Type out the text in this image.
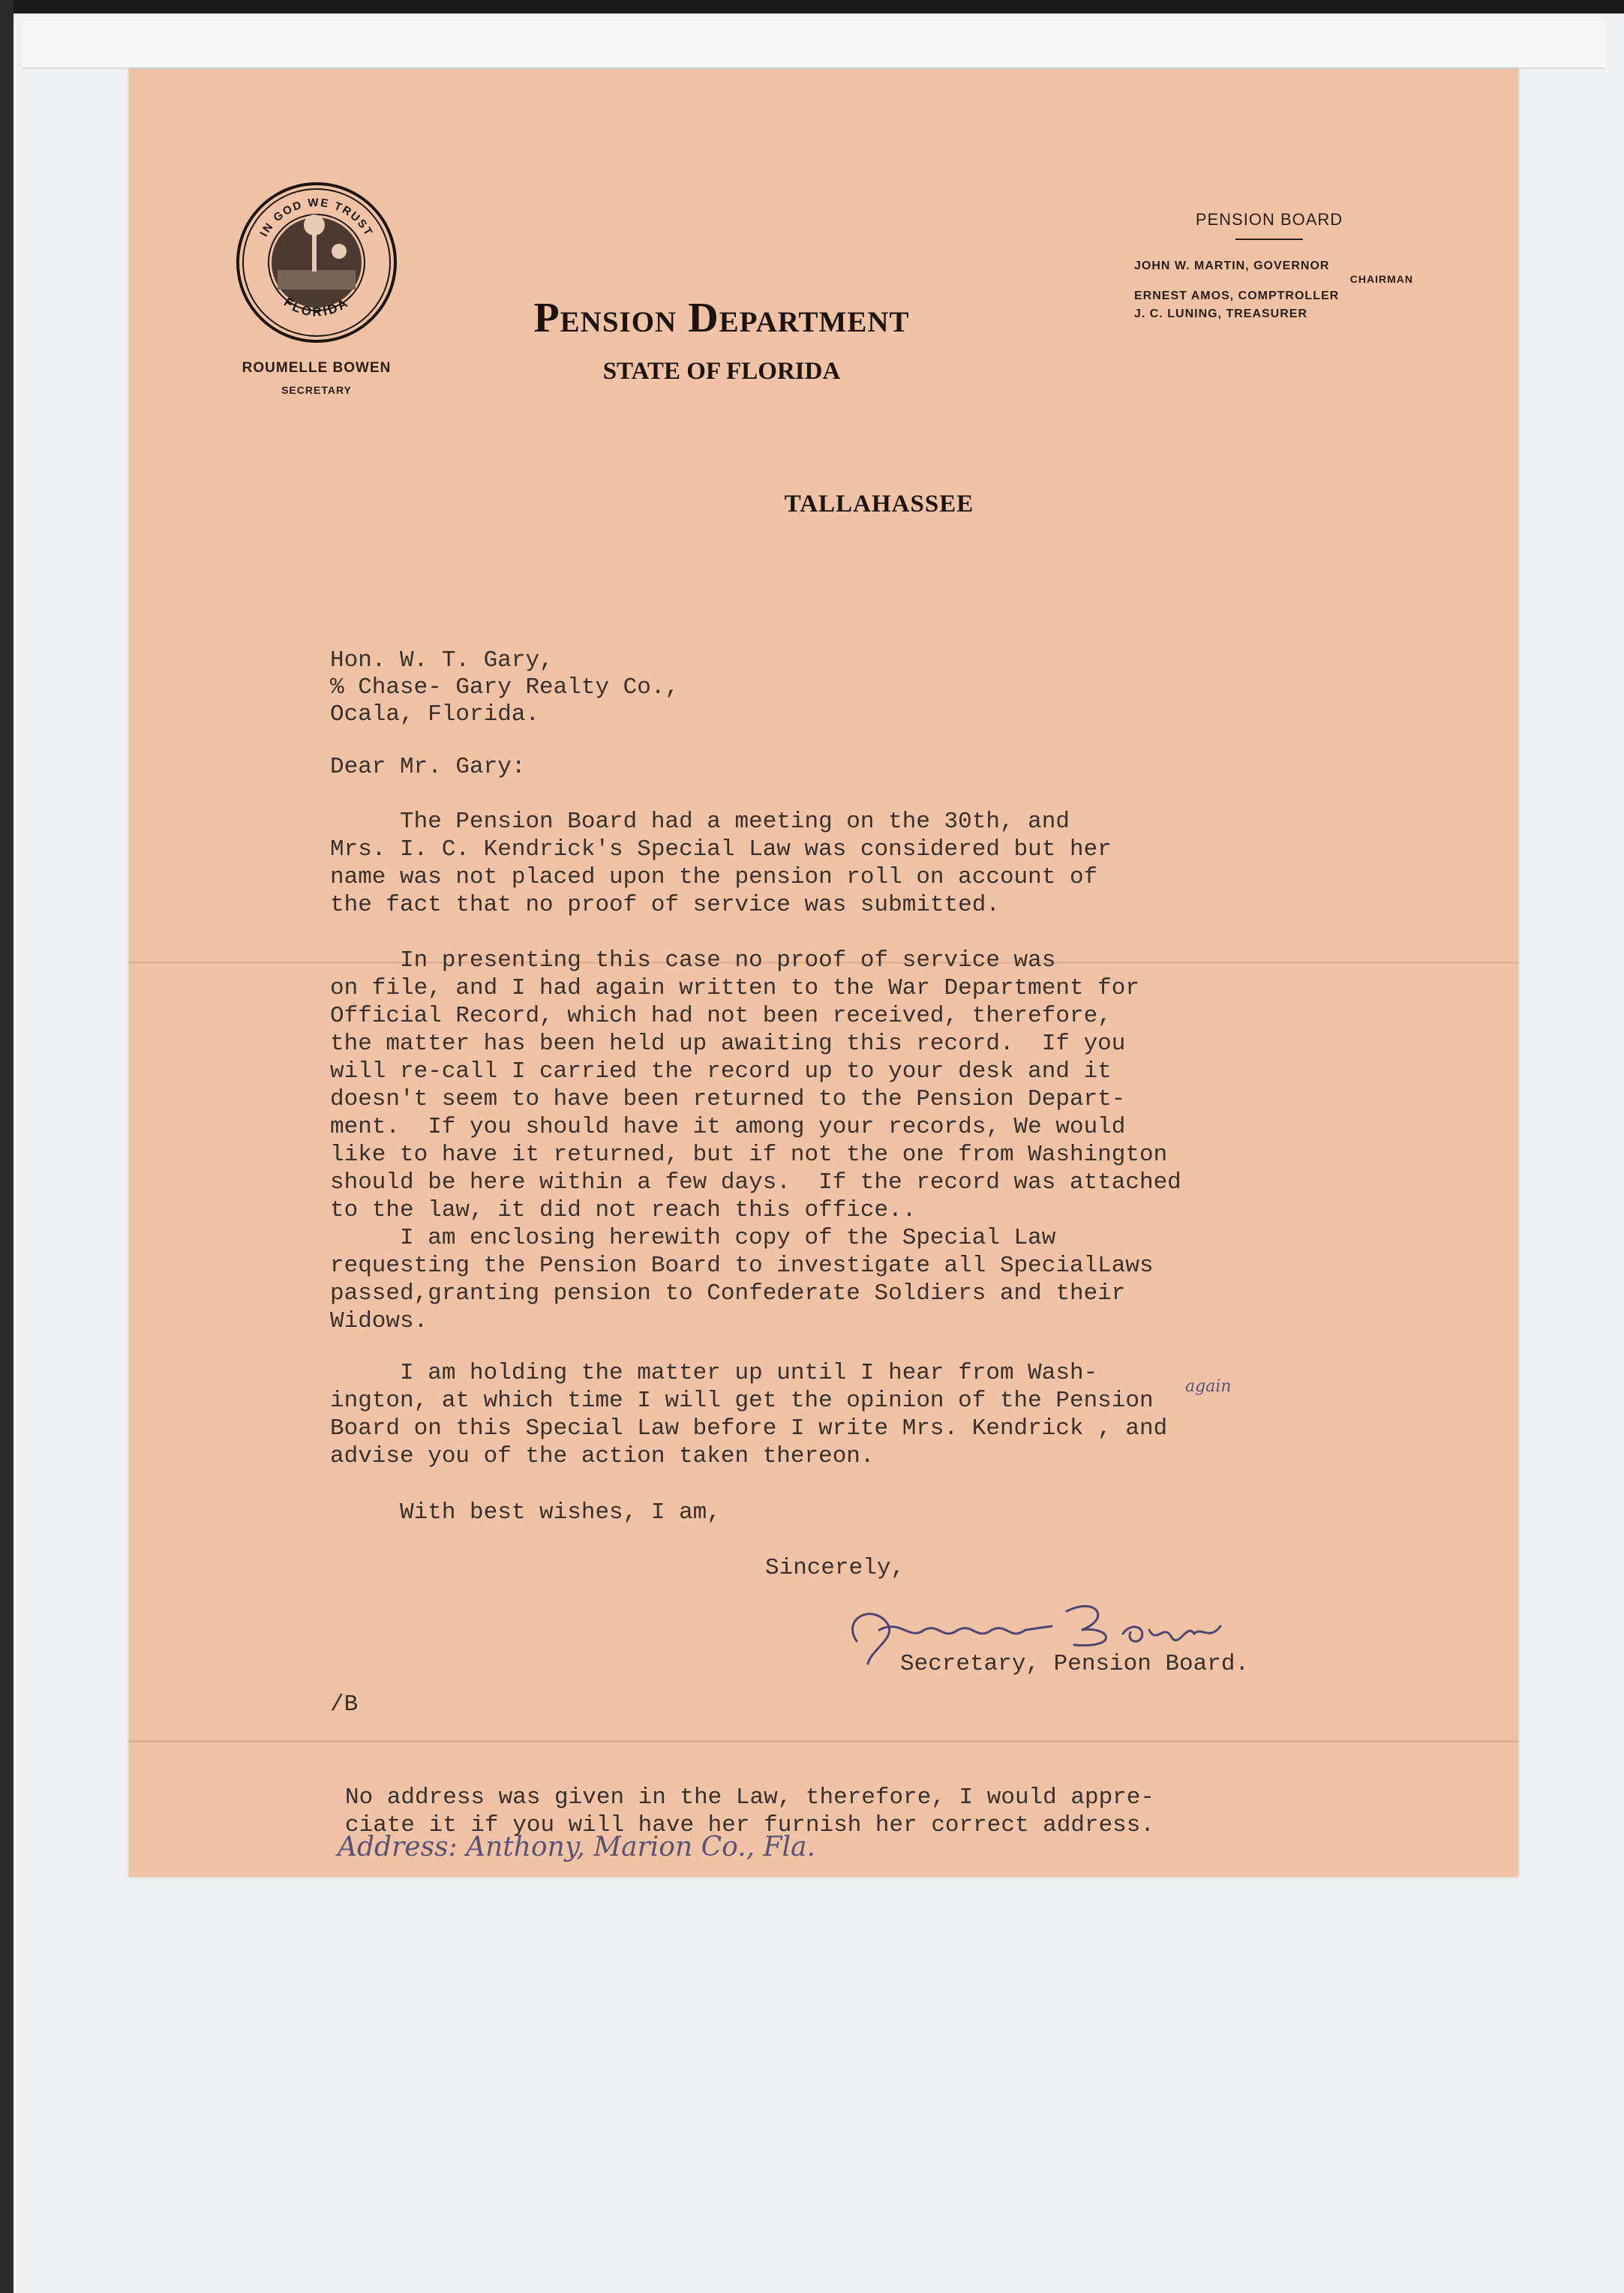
IN GOD WE TRUST
FLORIDA
ROUMELLE BOWEN
SECRETARY
Pension Department
STATE OF FLORIDA
PENSION BOARD
JOHN W. MARTIN, GOVERNOR
CHAIRMAN
ERNEST AMOS, COMPTROLLER
J. C. LUNING, TREASURER
TALLAHASSEE
Hon. W. T. Gary,
% Chase- Gary Realty Co.,
Ocala, Florida.
Dear Mr. Gary:
The Pension Board had a meeting on the 30th, and
Mrs. I. C. Kendrick's Special Law was considered but her
name was not placed upon the pension roll on account of
the fact that no proof of service was submitted.
In presenting this case no proof of service was
on file, and I had again written to the War Department for
Official Record, which had not been received, therefore,
the matter has been held up awaiting this record.  If you
will re-call I carried the record up to your desk and it
doesn't seem to have been returned to the Pension Depart-
ment.  If you should have it among your records, We would
like to have it returned, but if not the one from Washington
should be here within a few days.  If the record was attached
to the law, it did not reach this office..
I am enclosing herewith copy of the Special Law
requesting the Pension Board to investigate all SpecialLaws
passed,granting pension to Confederate Soldiers and their
Widows.
I am holding the matter up until I hear from Wash-
ington, at which time I will get the opinion of the Pension
Board on this Special Law before I write Mrs. Kendrick , and
advise you of the action taken thereon.
again
With best wishes, I am,
Sincerely,
Secretary, Pension Board.
/B
No address was given in the Law, therefore, I would appre-
ciate it if you will have her furnish her correct address.
Address: Anthony, Marion Co., Fla.
